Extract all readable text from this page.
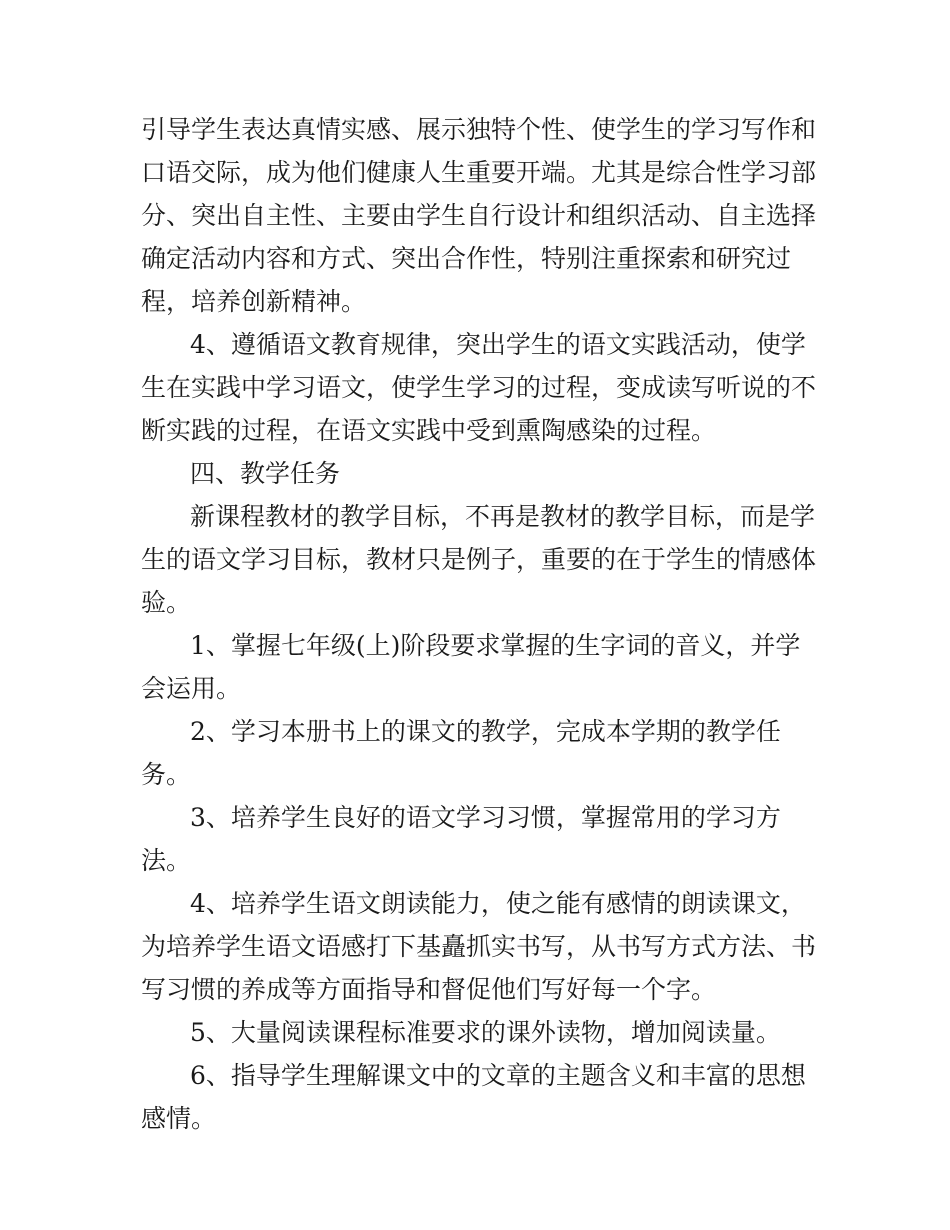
引导学生表达真情实感、展示独特个性、使学生的学习写作和
口语交际，成为他们健康人生重要开端。尤其是综合性学习部
分、突出自主性、主要由学生自行设计和组织活动、自主选择
确定活动内容和方式、突出合作性，特别注重探索和研究过
程，培养创新精神。
4、遵循语文教育规律，突出学生的语文实践活动，使学
生在实践中学习语文，使学生学习的过程，变成读写听说的不
断实践的过程，在语文实践中受到熏陶感染的过程。
四、教学任务
新课程教材的教学目标，不再是教材的教学目标，而是学
生的语文学习目标，教材只是例子，重要的在于学生的情感体
验。
1、掌握七年级(上)阶段要求掌握的生字词的音义，并学
会运用。
2、学习本册书上的课文的教学，完成本学期的教学任
务。
3、培养学生良好的语文学习习惯，掌握常用的学习方
法。
4、培养学生语文朗读能力，使之能有感情的朗读课文，
为培养学生语文语感打下基矗抓实书写，从书写方式方法、书
写习惯的养成等方面指导和督促他们写好每一个字。
5、大量阅读课程标准要求的课外读物，增加阅读量。
6、指导学生理解课文中的文章的主题含义和丰富的思想
感情。
